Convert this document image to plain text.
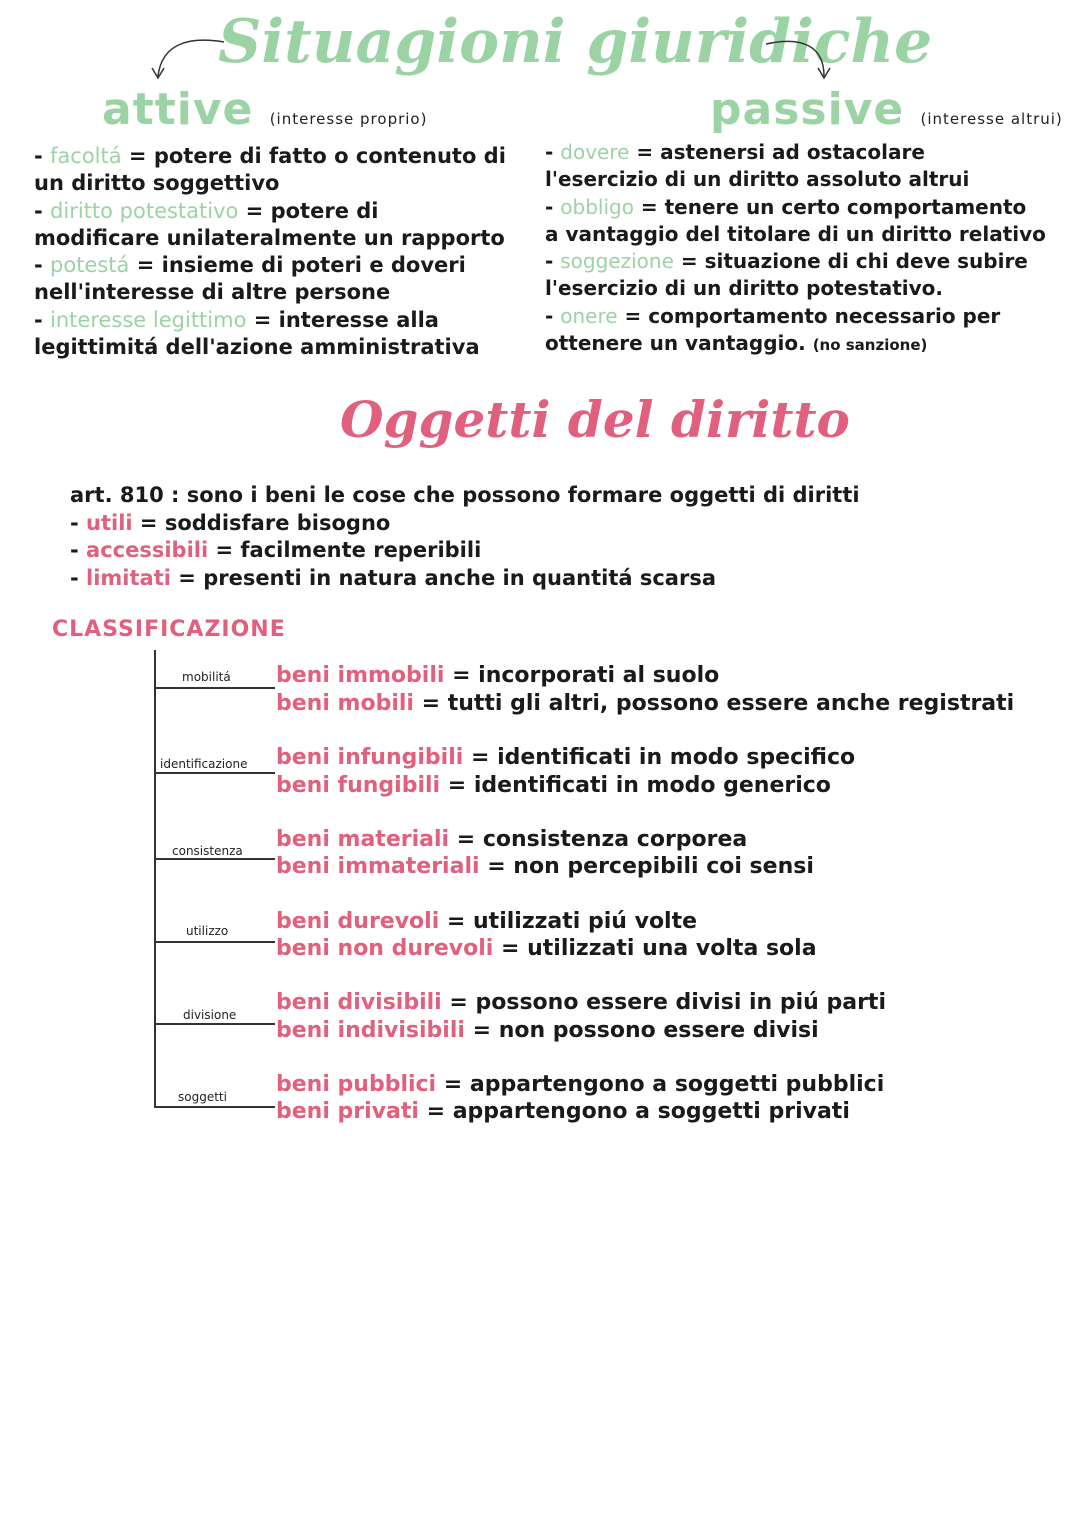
Situagioni giuridiche
attive (interesse proprio)	passive (interesse altrui)
- facoltá = potere di fatto o contenuto di
un diritto soggettivo
- diritto potestativo = potere di
modificare unilateralmente un rapporto
- potestá = insieme di poteri e doveri
nell'interesse di altre persone
- interesse legittimo = interesse alla
legittimitá dell'azione amministrativa
- dovere = astenersi ad ostacolare
l'esercizio di un diritto assoluto altrui
- obbligo = tenere un certo comportamento
a vantaggio del titolare di un diritto relativo
- soggezione = situazione di chi deve subire
l'esercizio di un diritto potestativo.
- onere = comportamento necessario per
ottenere un vantaggio. (no sanzione)
Oggetti del diritto
art. 810 : sono i beni le cose che possono formare oggetti di diritti
- utili = soddisfare bisogno
- accessibili = facilmente reperibili
- limitati = presenti in natura anche in quantitá scarsa
classificazione
mobilitá
identificazione
consistenza
utilizzo
divisione
soggetti
beni immobili = incorporati al suolo
beni mobili = tutti gli altri, possono essere anche registrati
beni infungibili = identificati in modo specifico
beni fungibili = identificati in modo generico
beni materiali = consistenza corporea
beni immateriali = non percepibili coi sensi
beni durevoli = utilizzati piú volte
beni non durevoli = utilizzati una volta sola
beni divisibili = possono essere divisi in piú parti
beni indivisibili = non possono essere divisi
beni pubblici = appartengono a soggetti pubblici
beni privati = appartengono a soggetti privati
